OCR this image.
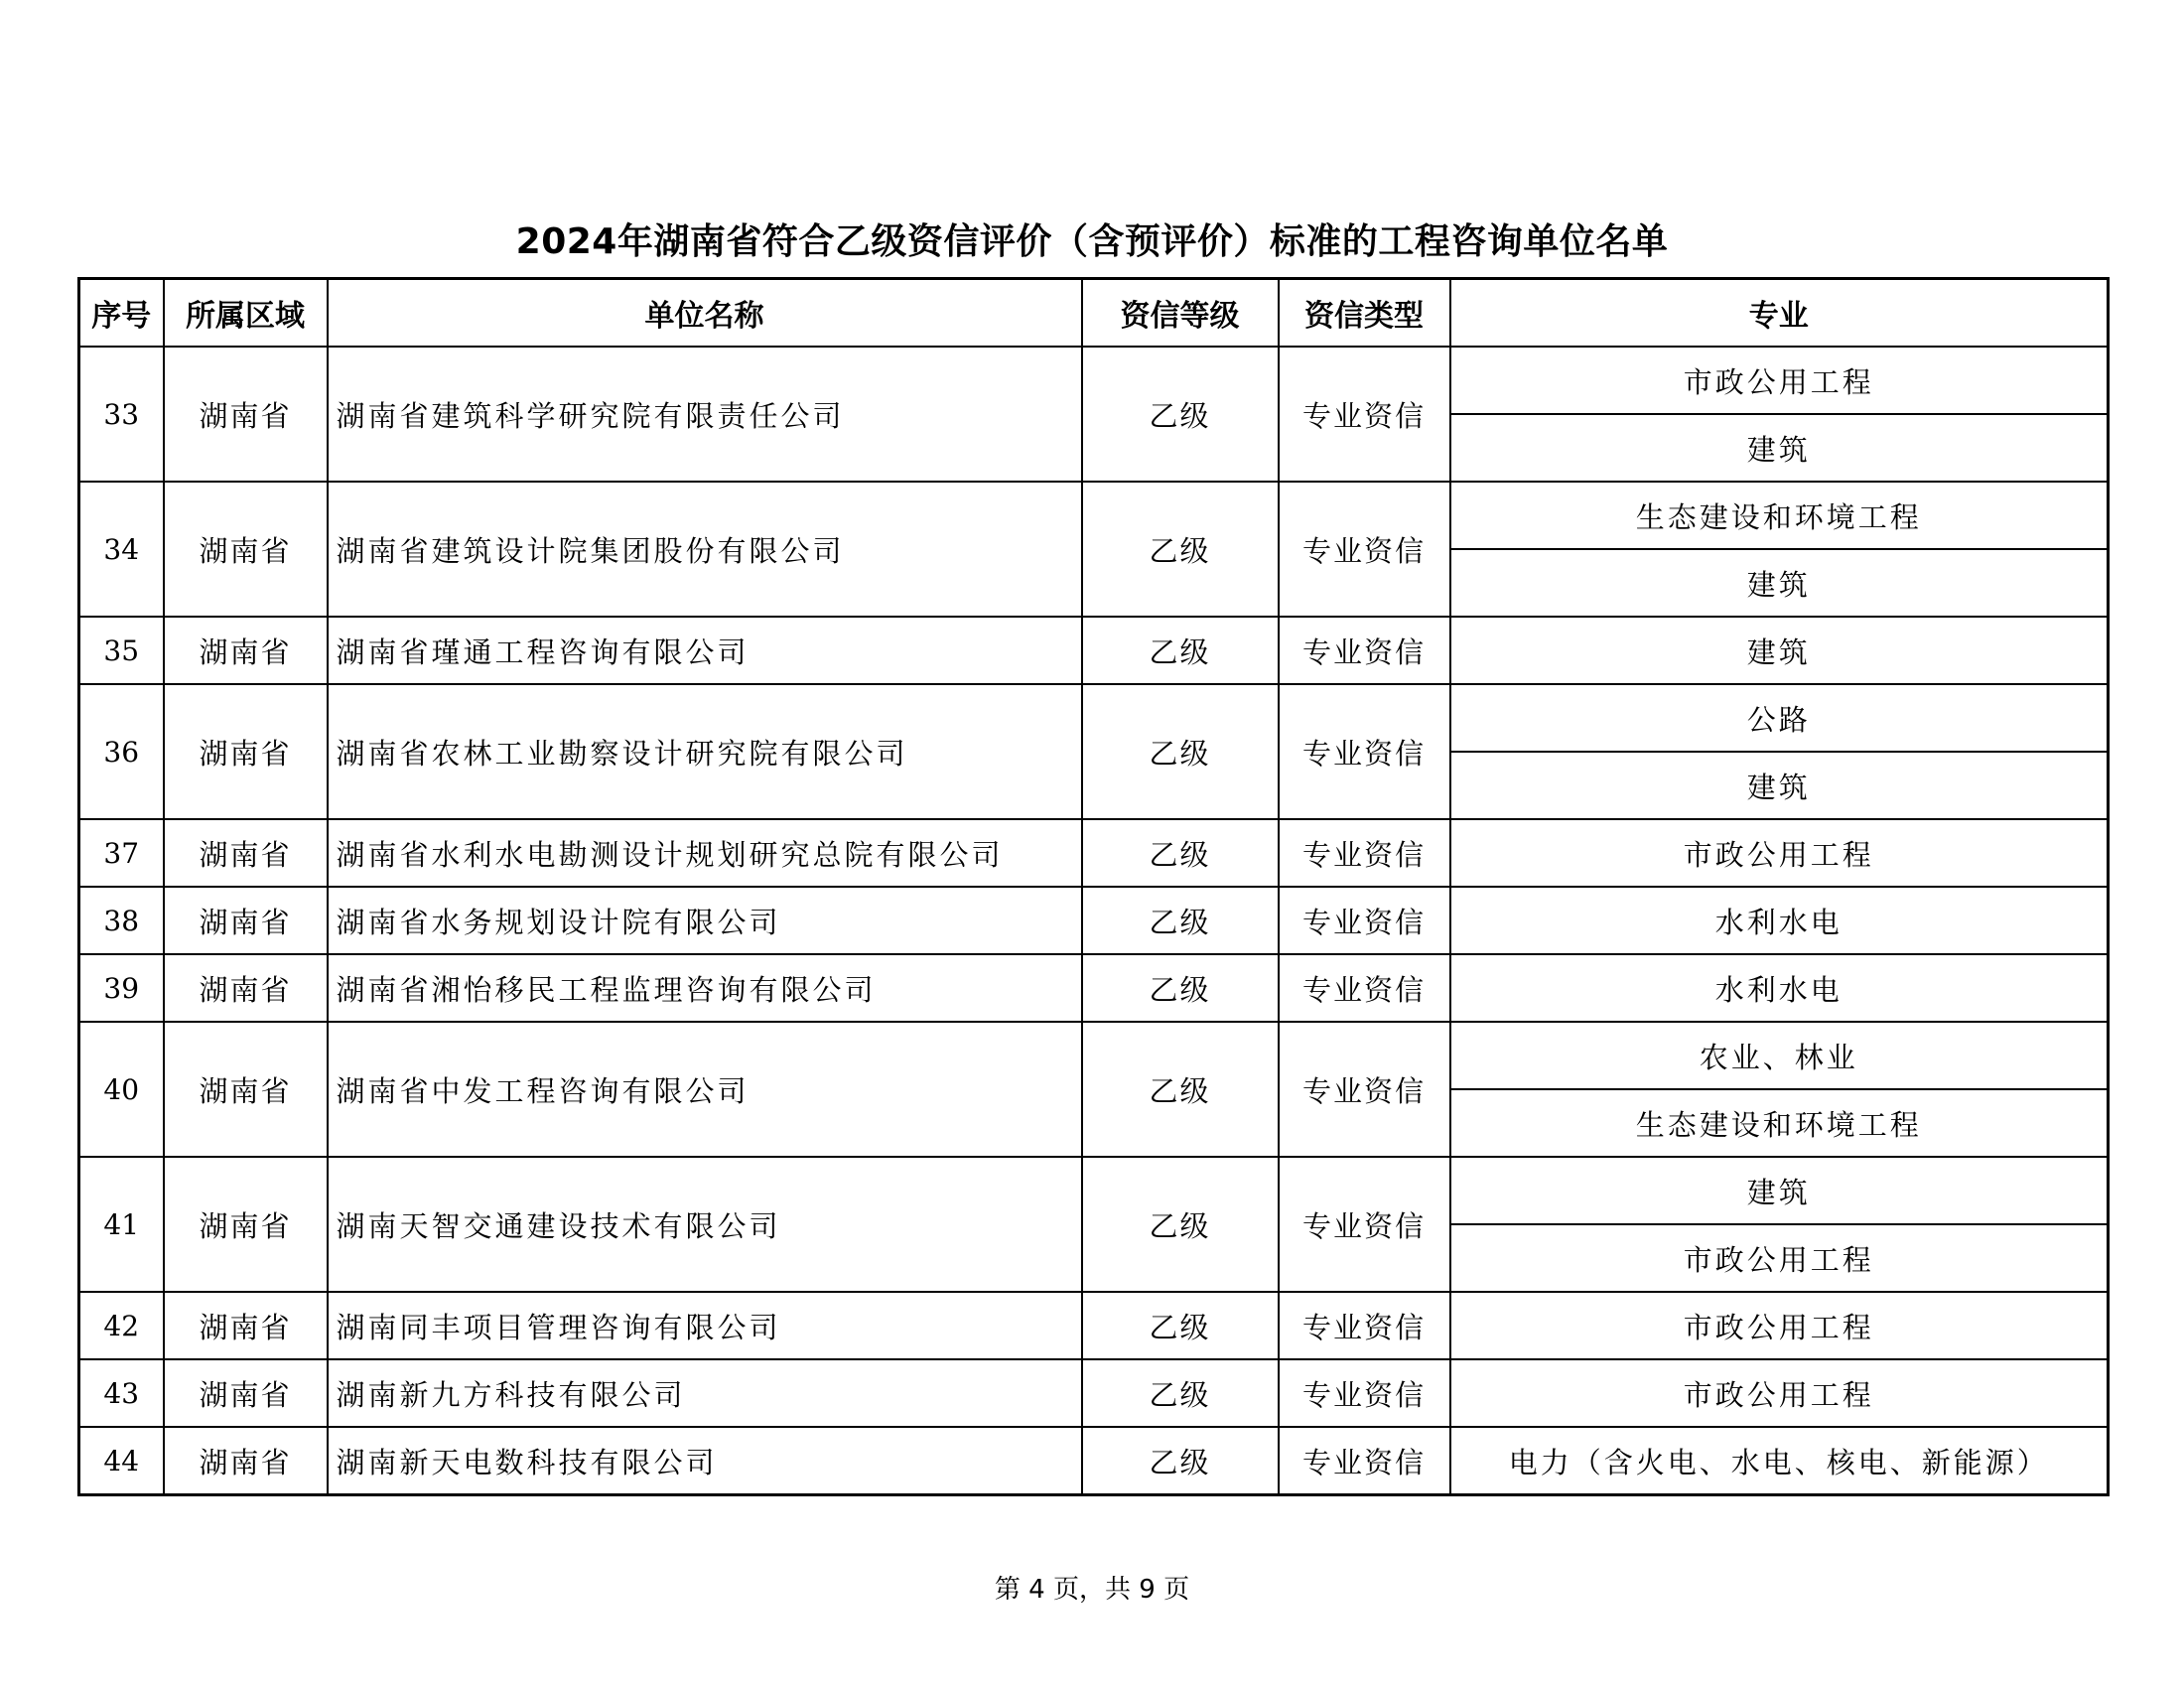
2024年湖南省符合乙级资信评价（含预评价）标准的工程咨询单位名单
序号	所属区域	单位名称	资信等级	资信类型	专业
33	湖南省	湖南省建筑科学研究院有限责任公司	乙级	专业资信	市政公用工程
					建筑
34	湖南省	湖南省建筑设计院集团股份有限公司	乙级	专业资信	生态建设和环境工程
					建筑
35	湖南省	湖南省瑾通工程咨询有限公司	乙级	专业资信	建筑
36	湖南省	湖南省农林工业勘察设计研究院有限公司	乙级	专业资信	公路
					建筑
37	湖南省	湖南省水利水电勘测设计规划研究总院有限公司	乙级	专业资信	市政公用工程
38	湖南省	湖南省水务规划设计院有限公司	乙级	专业资信	水利水电
39	湖南省	湖南省湘怡移民工程监理咨询有限公司	乙级	专业资信	水利水电
40	湖南省	湖南省中发工程咨询有限公司	乙级	专业资信	农业、林业
					生态建设和环境工程
41	湖南省	湖南天智交通建设技术有限公司	乙级	专业资信	建筑
					市政公用工程
42	湖南省	湖南同丰项目管理咨询有限公司	乙级	专业资信	市政公用工程
43	湖南省	湖南新九方科技有限公司	乙级	专业资信	市政公用工程
44	湖南省	湖南新天电数科技有限公司	乙级	专业资信	电力（含火电、水电、核电、新能源）
第 4 页，共 9 页
